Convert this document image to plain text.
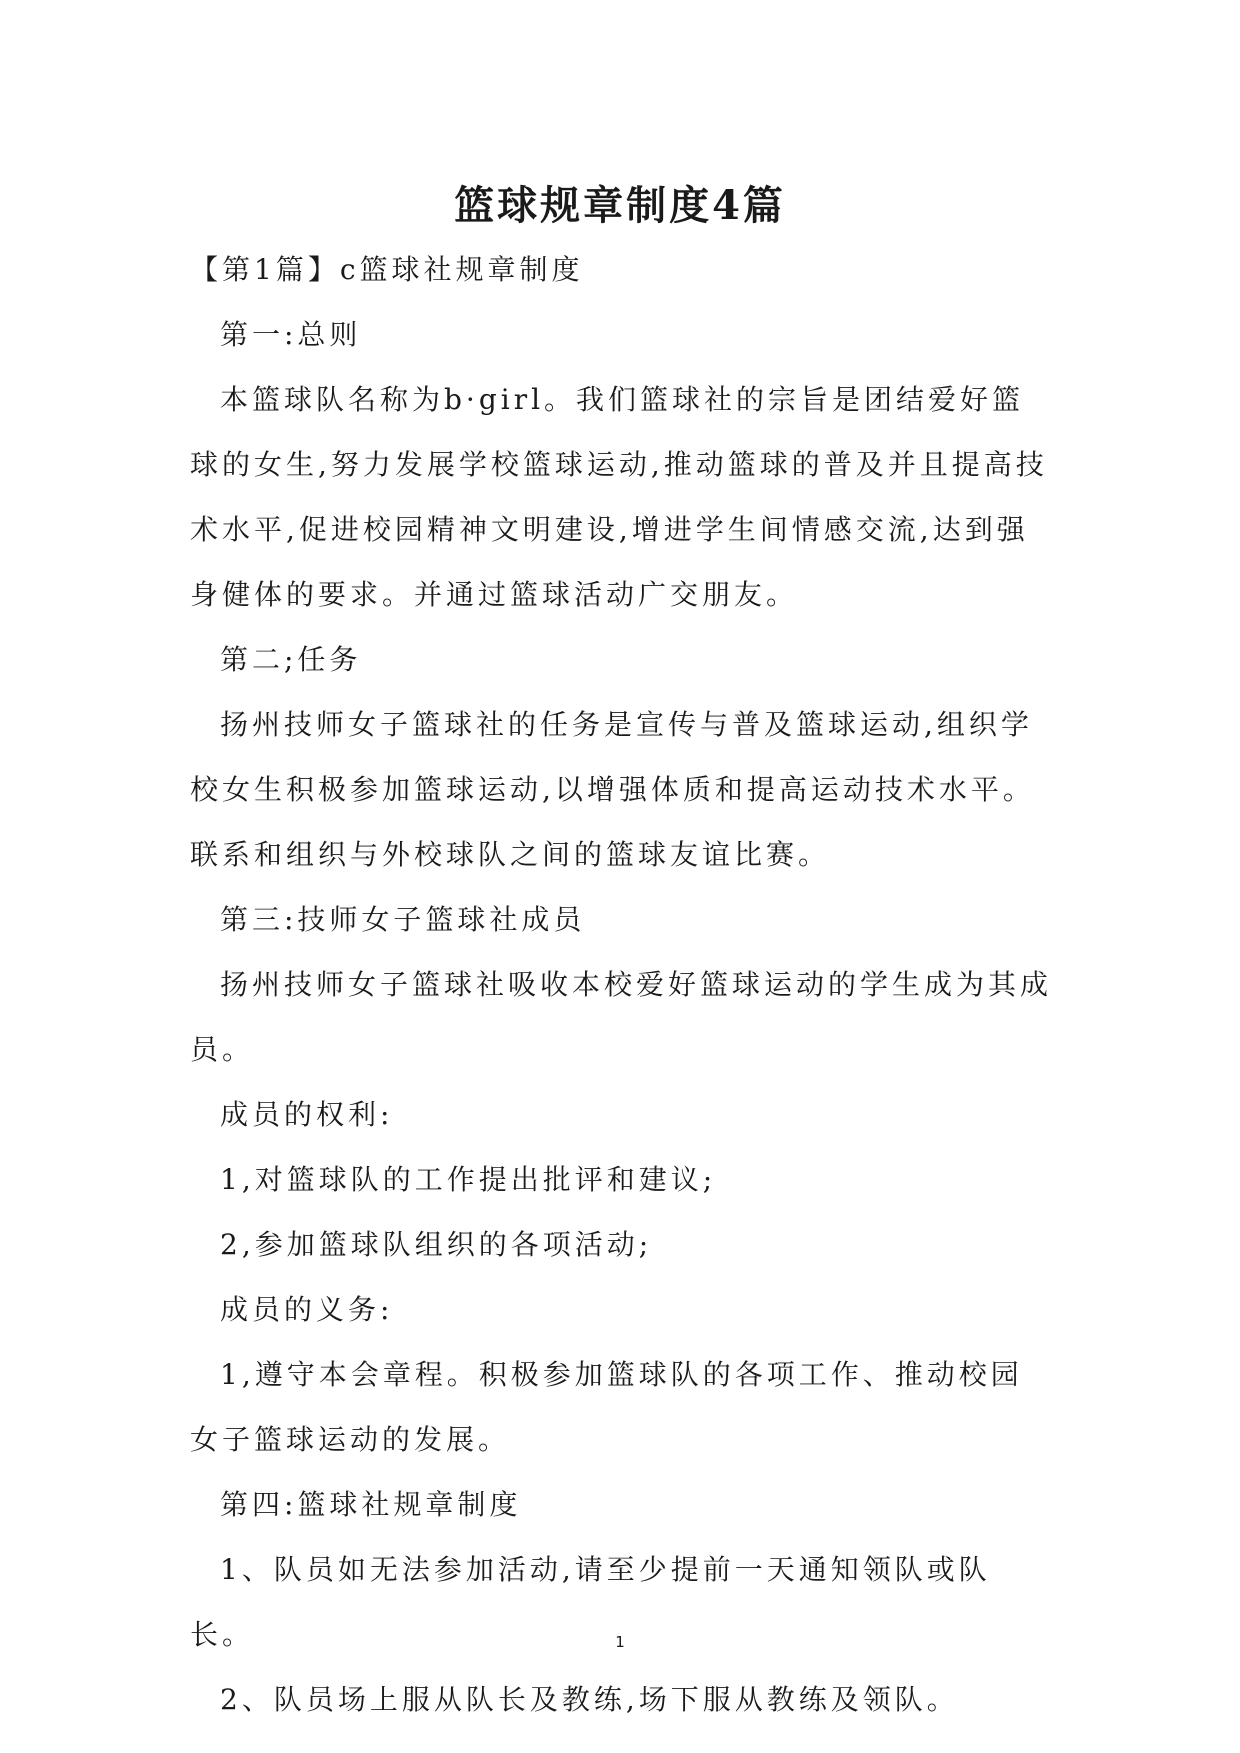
篮球规章制度4篇

【第1篇】c篮球社规章制度

第一:总则

本篮球队名称为b·girl。我们篮球社的宗旨是团结爱好篮球的女生,努力发展学校篮球运动,推动篮球的普及并且提高技术水平,促进校园精神文明建设,增进学生间情感交流,达到强身健体的要求。并通过篮球活动广交朋友。

第二;任务

扬州技师女子篮球社的任务是宣传与普及篮球运动,组织学校女生积极参加篮球运动,以增强体质和提高运动技术水平。联系和组织与外校球队之间的篮球友谊比赛。

第三:技师女子篮球社成员

扬州技师女子篮球社吸收本校爱好篮球运动的学生成为其成员。

成员的权利:

1,对篮球队的工作提出批评和建议;

2,参加篮球队组织的各项活动;

成员的义务:

1,遵守本会章程。积极参加篮球队的各项工作、推动校园女子篮球运动的发展。

第四:篮球社规章制度

1、队员如无法参加活动,请至少提前一天通知领队或队长。

2、队员场上服从队长及教练,场下服从教练及领队。

1
